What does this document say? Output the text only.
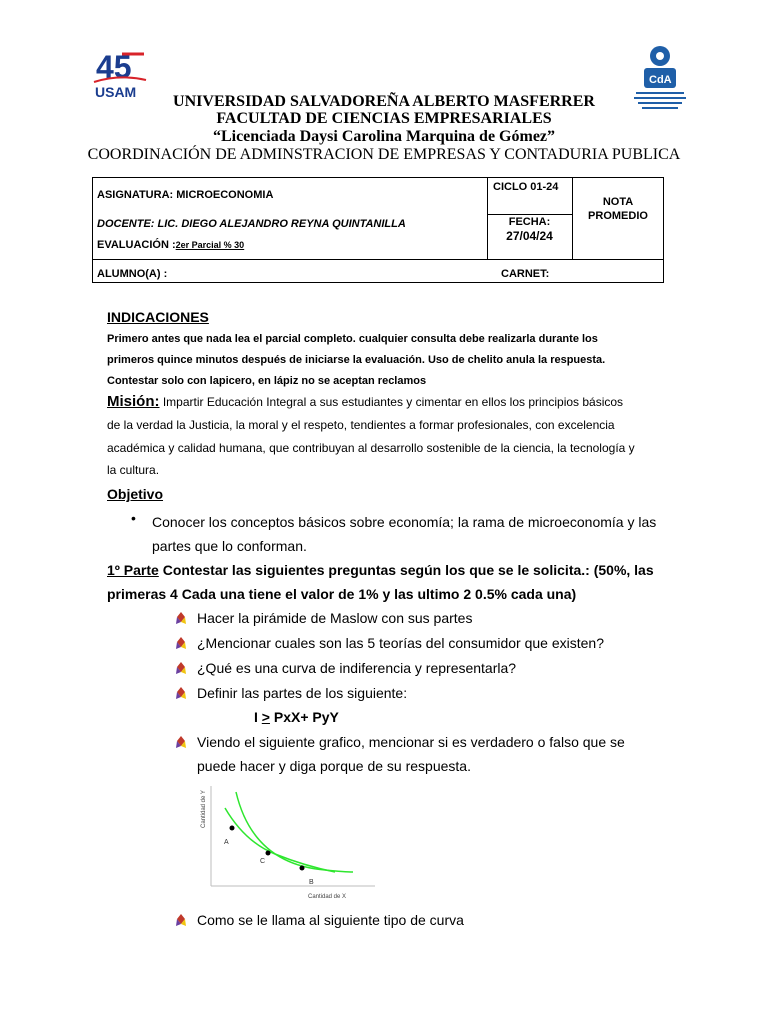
45
USAM
CdA
UNIVERSIDAD SALVADOREÑA ALBERTO MASFERRER
FACULTAD DE CIENCIAS EMPRESARIALES
“Licenciada Daysi Carolina Marquina de Gómez”
COORDINACIÓN DE ADMINSTRACION DE EMPRESAS Y CONTADURIA PUBLICA
ASIGNATURA: MICROECONOMIA
DOCENTE: LIC. DIEGO ALEJANDRO REYNA QUINTANILLA
EVALUACIÓN :2er Parcial % 30
CICLO 01-24
FECHA:
27/04/24
NOTA
PROMEDIO
ALUMNO(A) :	CARNET:
INDICACIONES
Primero antes que nada lea el parcial completo. cualquier consulta debe realizarla durante los
primeros quince minutos después de iniciarse la evaluación. Uso de chelito anula la respuesta.
Contestar solo con lapicero, en lápiz no se aceptan reclamos
Misión: Impartir Educación Integral a sus estudiantes y cimentar en ellos los principios básicos
de la verdad la Justicia, la moral y el respeto, tendientes a formar profesionales, con excelencia
académica y calidad humana, que contribuyan al desarrollo sostenible de la ciencia, la tecnología y
la cultura.
Objetivo
• Conocer los conceptos básicos sobre economía; la rama de microeconomía y las
partes que lo conforman.
1º Parte Contestar las siguientes preguntas según los que se le solicita.: (50%, las
primeras 4 Cada una tiene el valor de 1% y las ultimo 2 0.5% cada una)
Hacer la pirámide de Maslow con sus partes
¿Mencionar cuales son las 5 teorías del consumidor que existen?
¿Qué es una curva de indiferencia y representarla?
Definir las partes de los siguiente:
I > PxX+ PyY
Viendo el siguiente grafico, mencionar si es verdadero o falso que se
puede hacer y diga porque de su respuesta.
A
C
B
Cantidad de X
Cantidad de Y
Como se le llama al siguiente tipo de curva
